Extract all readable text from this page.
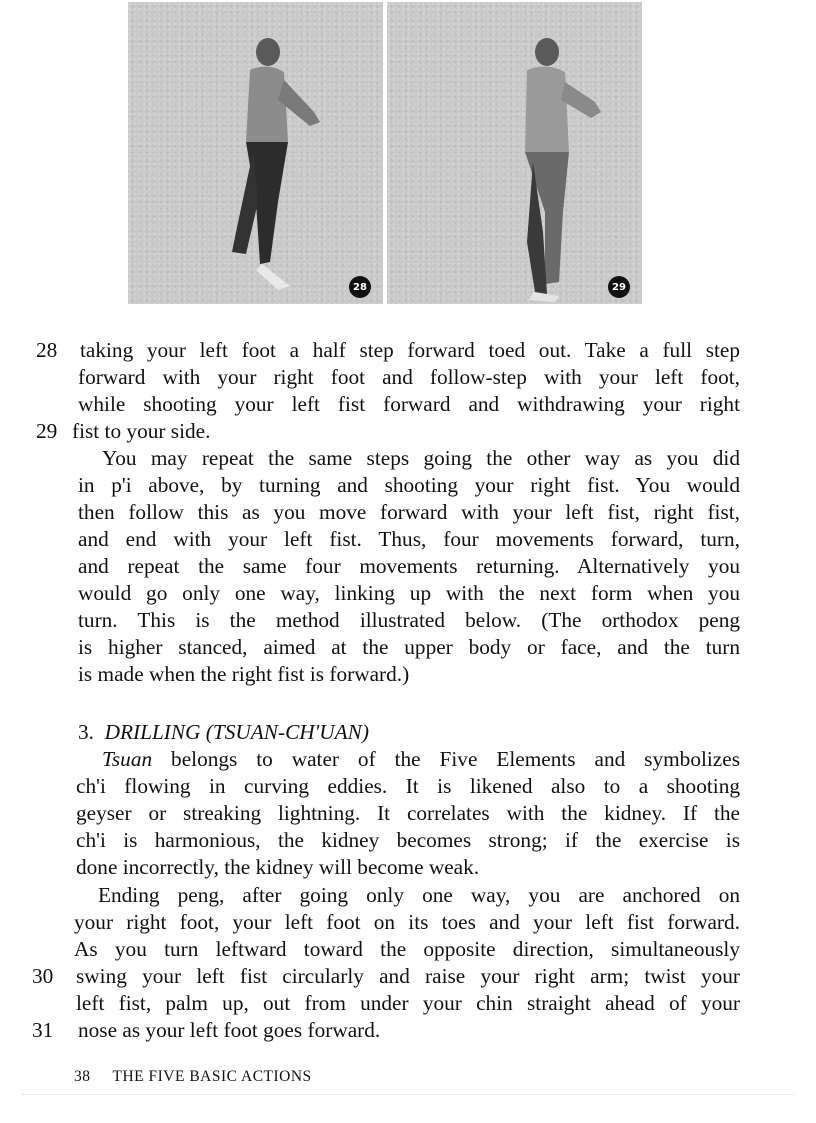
28	29
28
29
30
31
taking your left foot a half step forward toed out. Take a full step
forward with your right foot and follow-step with your left foot,
while shooting your left fist forward and withdrawing your right
fist to your side.
You may repeat the same steps going the other way as you did
in p'i above, by turning and shooting your right fist. You would
then follow this as you move forward with your left fist, right fist,
and end with your left fist. Thus, four movements forward, turn,
and repeat the same four movements returning. Alternatively you
would go only one way, linking up with the next form when you
turn. This is the method illustrated below. (The orthodox peng
is higher stanced, aimed at the upper body or face, and the turn
is made when the right fist is forward.)
3. DRILLING (TSUAN-CH'UAN)
Tsuan belongs to water of the Five Elements and symbolizes
ch'i flowing in curving eddies. It is likened also to a shooting
geyser or streaking lightning. It correlates with the kidney. If the
ch'i is harmonious, the kidney becomes strong; if the exercise is
done incorrectly, the kidney will become weak.
Ending peng, after going only one way, you are anchored on
your right foot, your left foot on its toes and your left fist forward.
As you turn leftward toward the opposite direction, simultaneously
swing your left fist circularly and raise your right arm; twist your
left fist, palm up, out from under your chin straight ahead of your
nose as your left foot goes forward.
38 THE FIVE BASIC ACTIONS
